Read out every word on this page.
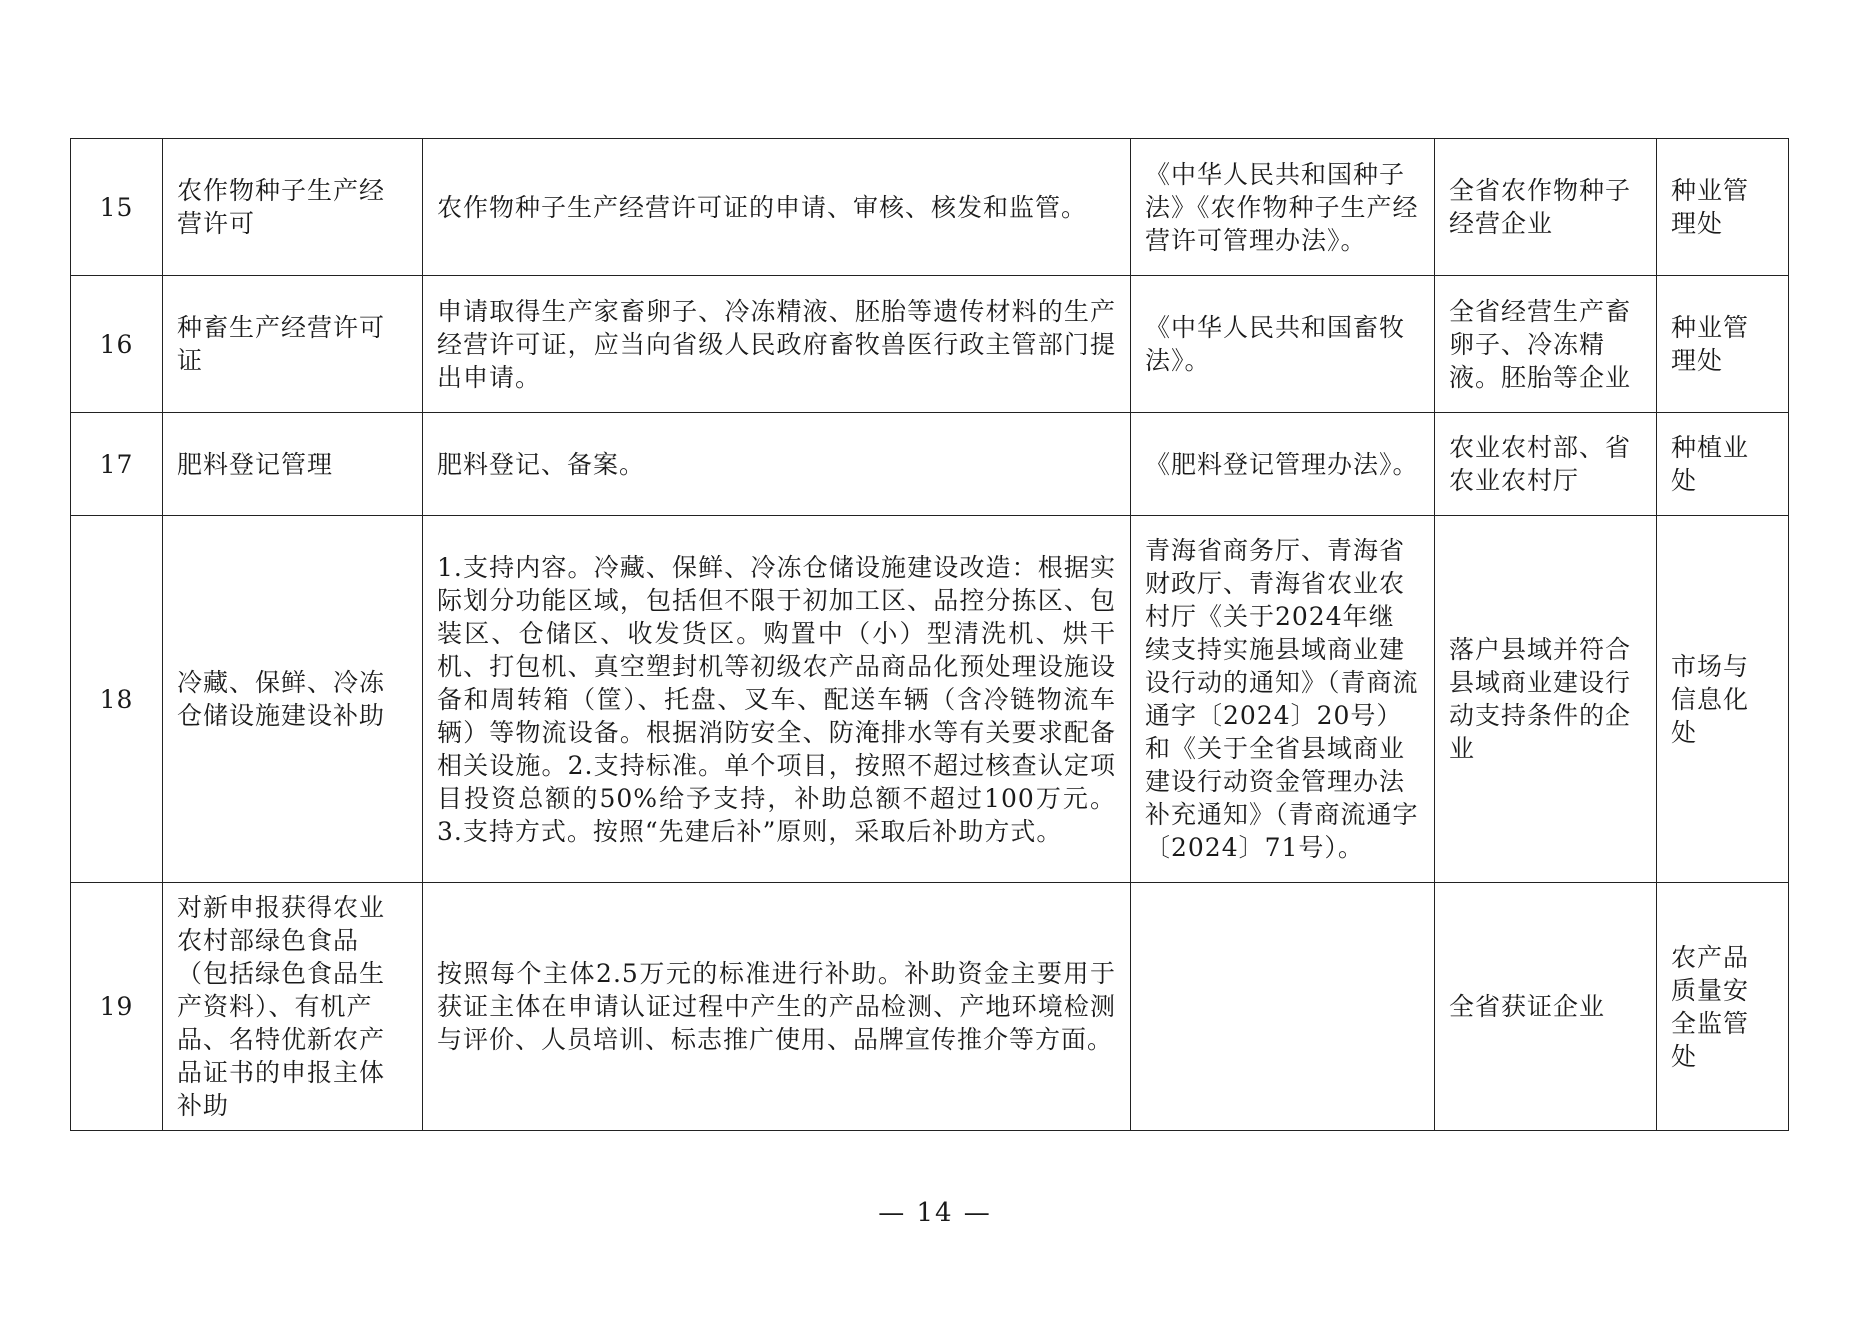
15	农作物种子生产经营许可	农作物种子生产经营许可证的申请、审核、核发和监管。	《中华人民共和国种子法》《农作物种子生产经营许可管理办法》。	全省农作物种子经营企业	种业管理处
16	种畜生产经营许可证	申请取得生产家畜卵子、冷冻精液、胚胎等遗传材料的生产经营许可证，应当向省级人民政府畜牧兽医行政主管部门提出申请。	《中华人民共和国畜牧法》。	全省经营生产畜卵子、冷冻精液。胚胎等企业	种业管理处
17	肥料登记管理	肥料登记、备案。	《肥料登记管理办法》。	农业农村部、省农业农村厅	种植业处
18	冷藏、保鲜、冷冻仓储设施建设补助	1.支持内容。冷藏、保鲜、冷冻仓储设施建设改造：根据实际划分功能区域，包括但不限于初加工区、品控分拣区、包装区、仓储区、收发货区。购置中（小）型清洗机、烘干机、打包机、真空塑封机等初级农产品商品化预处理设施设备和周转箱（筐）、托盘、叉车、配送车辆（含冷链物流车辆）等物流设备。根据消防安全、防淹排水等有关要求配备相关设施。2.支持标准。单个项目，按照不超过核查认定项目投资总额的50%给予支持，补助总额不超过100万元。3.支持方式。按照“先建后补”原则，采取后补助方式。	青海省商务厅、青海省财政厅、青海省农业农村厅《关于2024年继续支持实施县域商业建设行动的通知》（青商流通字〔2024〕20号）和《关于全省县域商业建设行动资金管理办法补充通知》（青商流通字〔2024〕71号）。	落户县域并符合县域商业建设行动支持条件的企业	市场与信息化处
19	对新申报获得农业农村部绿色食品（包括绿色食品生产资料）、有机产品、名特优新农产品证书的申报主体补助	按照每个主体2.5万元的标准进行补助。补助资金主要用于获证主体在申请认证过程中产生的产品检测、产地环境检测与评价、人员培训、标志推广使用、品牌宣传推介等方面。		全省获证企业	农产品质量安全监管处
— 14 —
